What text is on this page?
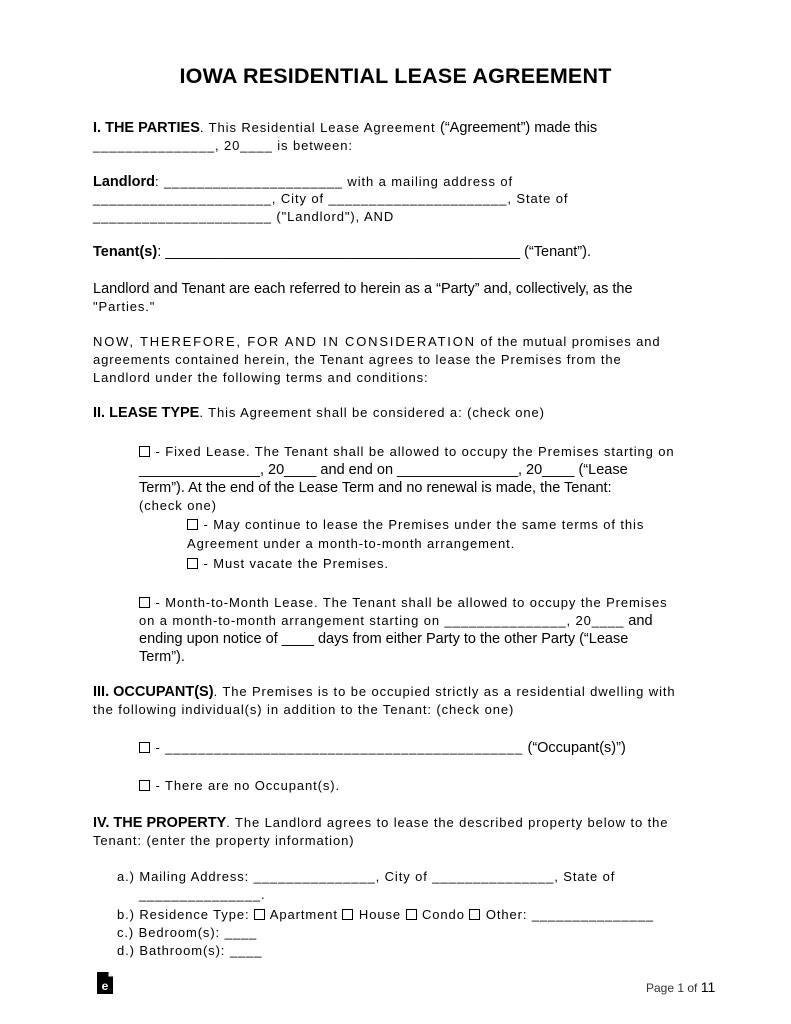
IOWA RESIDENTIAL LEASE AGREEMENT
I. THE PARTIES. This Residential Lease Agreement (“Agreement”) made this
_______________, 20____ is between:
Landlord: ______________________ with a mailing address of
______________________, City of ______________________, State of
______________________ ("Landlord"), AND
Tenant(s): ____________________________________________ (“Tenant”).
Landlord and Tenant are each referred to herein as a “Party” and, collectively, as the
"Parties."
NOW, THEREFORE, FOR AND IN CONSIDERATION of the mutual promises and
agreements contained herein, the Tenant agrees to lease the Premises from the
Landlord under the following terms and conditions:
II. LEASE TYPE. This Agreement shall be considered a: (check one)
- Fixed Lease. The Tenant shall be allowed to occupy the Premises starting on
_______________, 20____ and end on _______________, 20____ (“Lease
Term”). At the end of the Lease Term and no renewal is made, the Tenant:
(check one)
- May continue to lease the Premises under the same terms of this
Agreement under a month-to-month arrangement.
- Must vacate the Premises.
- Month-to-Month Lease. The Tenant shall be allowed to occupy the Premises
on a month-to-month arrangement starting on _______________, 20____ and
ending upon notice of ____ days from either Party to the other Party (“Lease
Term”).
III. OCCUPANT(S). The Premises is to be occupied strictly as a residential dwelling with
the following individual(s) in addition to the Tenant: (check one)
- ____________________________________________ (“Occupant(s)”)
- There are no Occupant(s).
IV. THE PROPERTY. The Landlord agrees to lease the described property below to the
Tenant: (enter the property information)
a.) Mailing Address: _______________, City of _______________, State of
_______________.
b.) Residence Type:  Apartment  House  Condo  Other: _______________
c.) Bedroom(s): ____
d.) Bathroom(s): ____
e	Page 1 of 11
